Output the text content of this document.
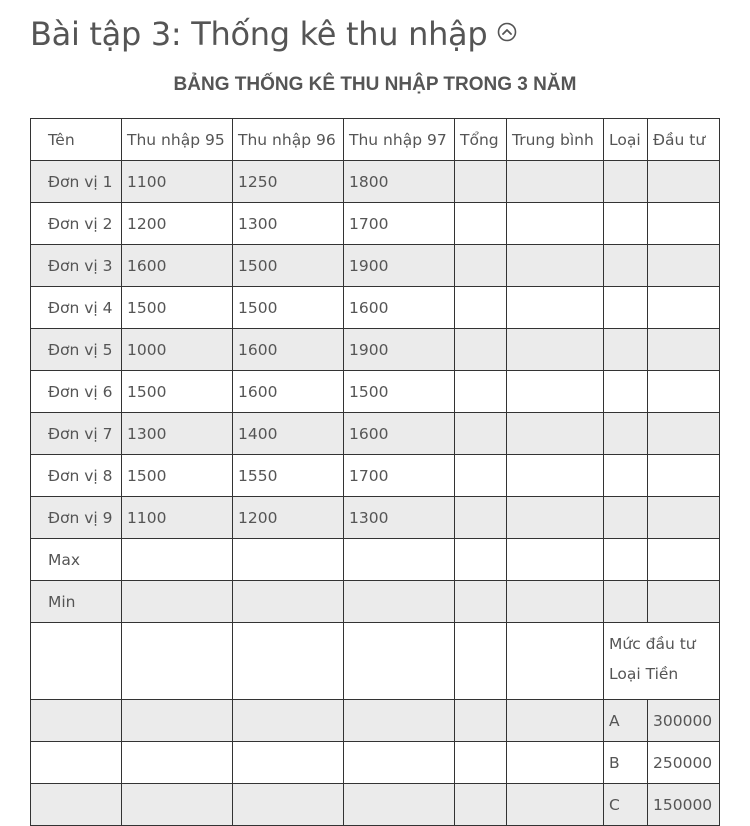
Bài tập 3: Thống kê thu nhập
BẢNG THỐNG KÊ THU NHẬP TRONG 3 NĂM
Tên	Thu nhập 95	Thu nhập 96	Thu nhập 97	Tổng	Trung bình	Loại	Đầu tư
Đơn vị 1	1100	1250	1800				
Đơn vị 2	1200	1300	1700				
Đơn vị 3	1600	1500	1900				
Đơn vị 4	1500	1500	1600				
Đơn vị 5	1000	1600	1900				
Đơn vị 6	1500	1600	1500				
Đơn vị 7	1300	1400	1600				
Đơn vị 8	1500	1550	1700				
Đơn vị 9	1100	1200	1300				
Max							
Min							

						Mức đầu tư
Loại Tiền	

						A	300000
						B	250000
						C	150000
